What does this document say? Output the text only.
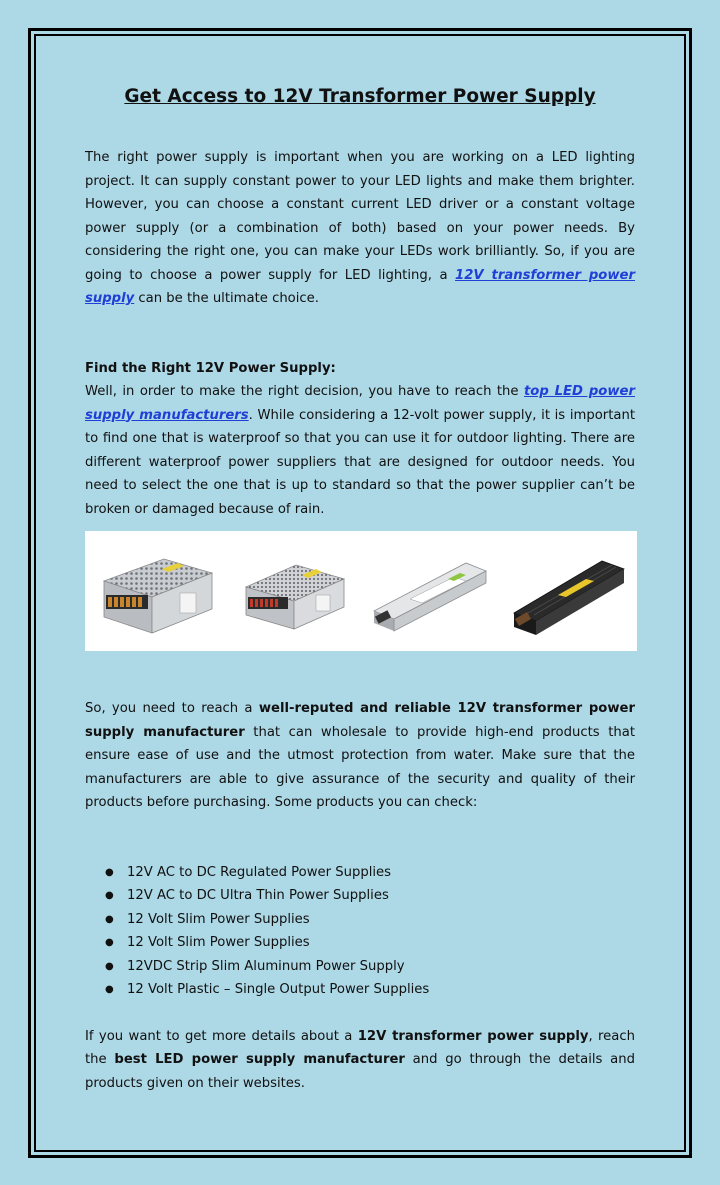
Get Access to 12V Transformer Power Supply

The right power supply is important when you are working on a LED lighting project. It can supply constant power to your LED lights and make them brighter. However, you can choose a constant current LED driver or a constant voltage power supply (or a combination of both) based on your power needs. By considering the right one, you can make your LEDs work brilliantly. So, if you are going to choose a power supply for LED lighting, a 12V transformer power supply can be the ultimate choice.

Find the Right 12V Power Supply:

Well, in order to make the right decision, you have to reach the top LED power supply manufacturers. While considering a 12-volt power supply, it is important to find one that is waterproof so that you can use it for outdoor lighting. There are different waterproof power suppliers that are designed for outdoor needs. You need to select the one that is up to standard so that the power supplier can’t be broken or damaged because of rain.

So, you need to reach a well-reputed and reliable 12V transformer power supply manufacturer that can wholesale to provide high-end products that ensure ease of use and the utmost protection from water. Make sure that the manufacturers are able to give assurance of the security and quality of their products before purchasing. Some products you can check:

● 12V AC to DC Regulated Power Supplies
● 12V AC to DC Ultra Thin Power Supplies
● 12 Volt Slim Power Supplies
● 12 Volt Slim Power Supplies
● 12VDC Strip Slim Aluminum Power Supply
● 12 Volt Plastic – Single Output Power Supplies

If you want to get more details about a 12V transformer power supply, reach the best LED power supply manufacturer and go through the details and products given on their websites.
